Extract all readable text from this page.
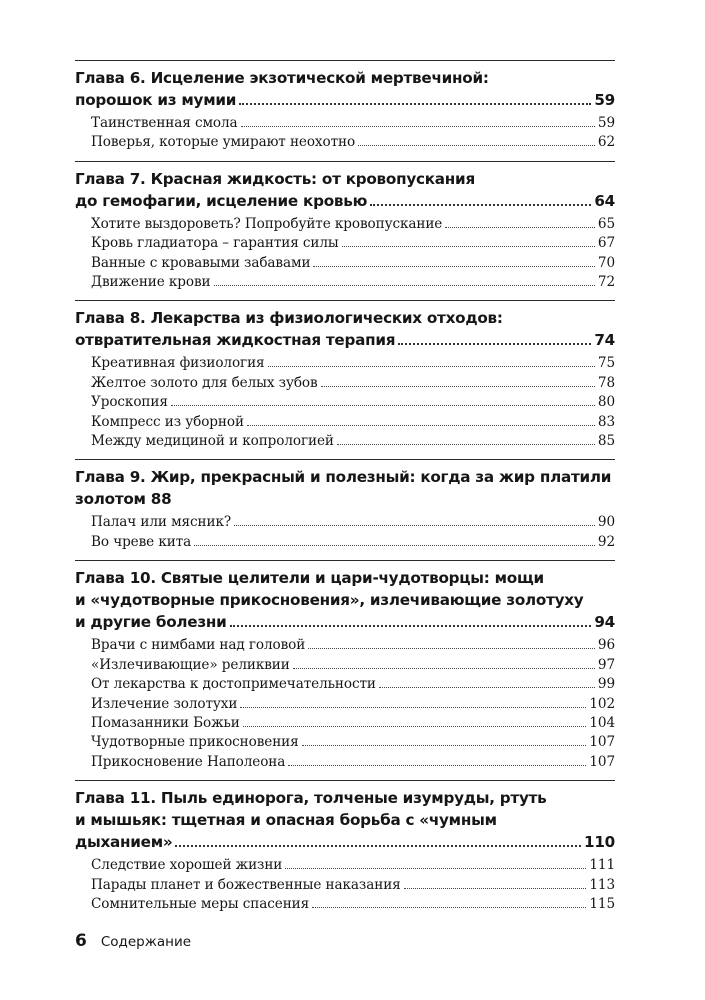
Глава 6. Исцеление экзотической мертвечиной:
порошок из мумии	59
Таинственная смола	59
Поверья, которые умирают неохотно	62
Глава 7. Красная жидкость: от кровопускания
до гемофагии, исцеление кровью	64
Хотите выздороветь? Попробуйте кровопускание	65
Кровь гладиатора – гарантия силы	67
Ванные с кровавыми забавами	70
Движение крови	72
Глава 8. Лекарства из физиологических отходов:
отвратительная жидкостная терапия	74
Креативная физиология	75
Желтое золото для белых зубов	78
Уроскопия	80
Компресс из уборной	83
Между медициной и копрологией	85
Глава 9. Жир, прекрасный и полезный: когда за жир платили
золотом 88
Палач или мясник?	90
Во чреве кита	92
Глава 10. Святые целители и цари-чудотворцы: мощи
и «чудотворные прикосновения», излечивающие золотуху
и другие болезни	94
Врачи с нимбами над головой	96
«Излечивающие» реликвии	97
От лекарства к достопримечательности	99
Излечение золотухи	102
Помазанники Божьи	104
Чудотворные прикосновения	107
Прикосновение Наполеона	107
Глава 11. Пыль единорога, толченые изумруды, ртуть
и мышьяк: тщетная и опасная борьба с «чумным
дыханием»	110
Следствие хорошей жизни	111
Парады планет и божественные наказания	113
Сомнительные меры спасения	115
6 Содержание
